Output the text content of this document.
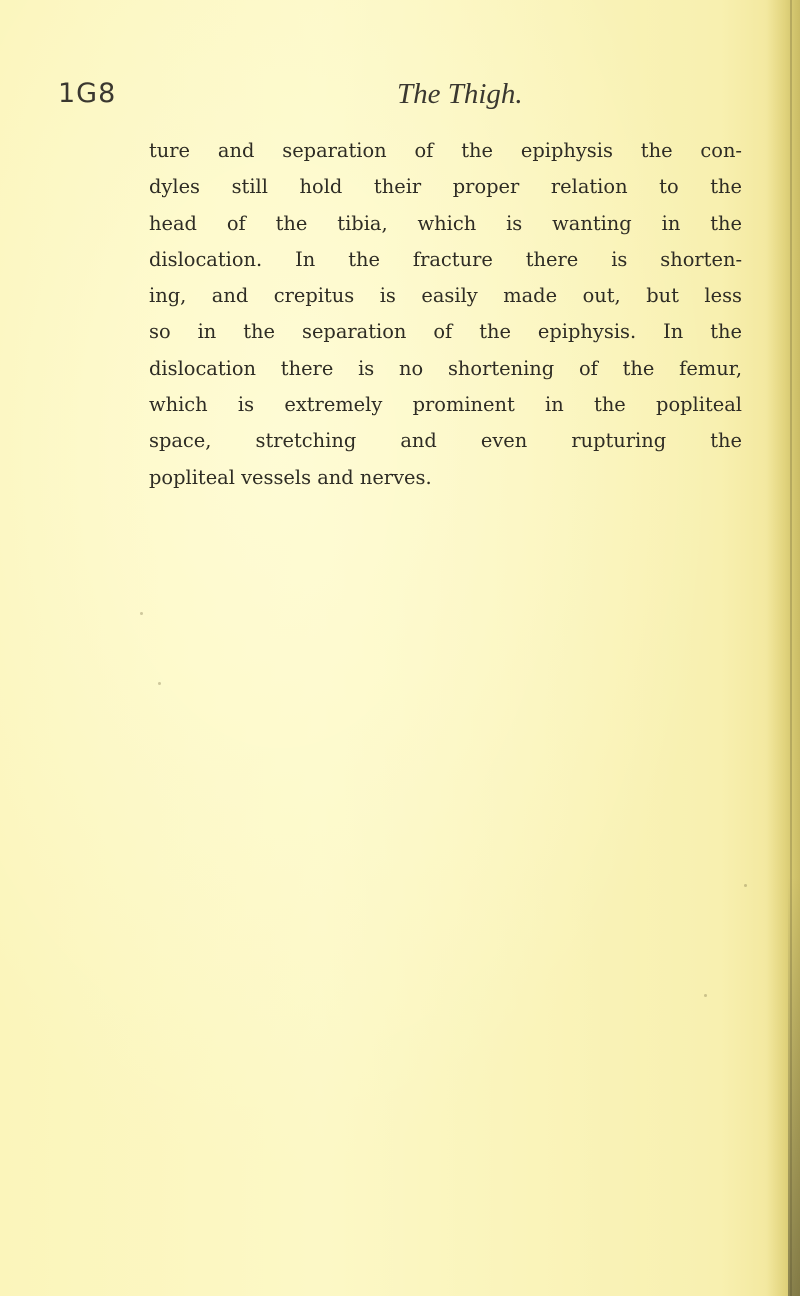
1G8	The Thigh.
ture and separation of the epiphysis the con-
dyles still hold their proper relation to the
head of the tibia, which is wanting in the
dislocation. In the fracture there is shorten-
ing, and crepitus is easily made out, but less
so in the separation of the epiphysis. In the
dislocation there is no shortening of the femur,
which is extremely prominent in the popliteal
space, stretching and even rupturing the
popliteal vessels and nerves.
